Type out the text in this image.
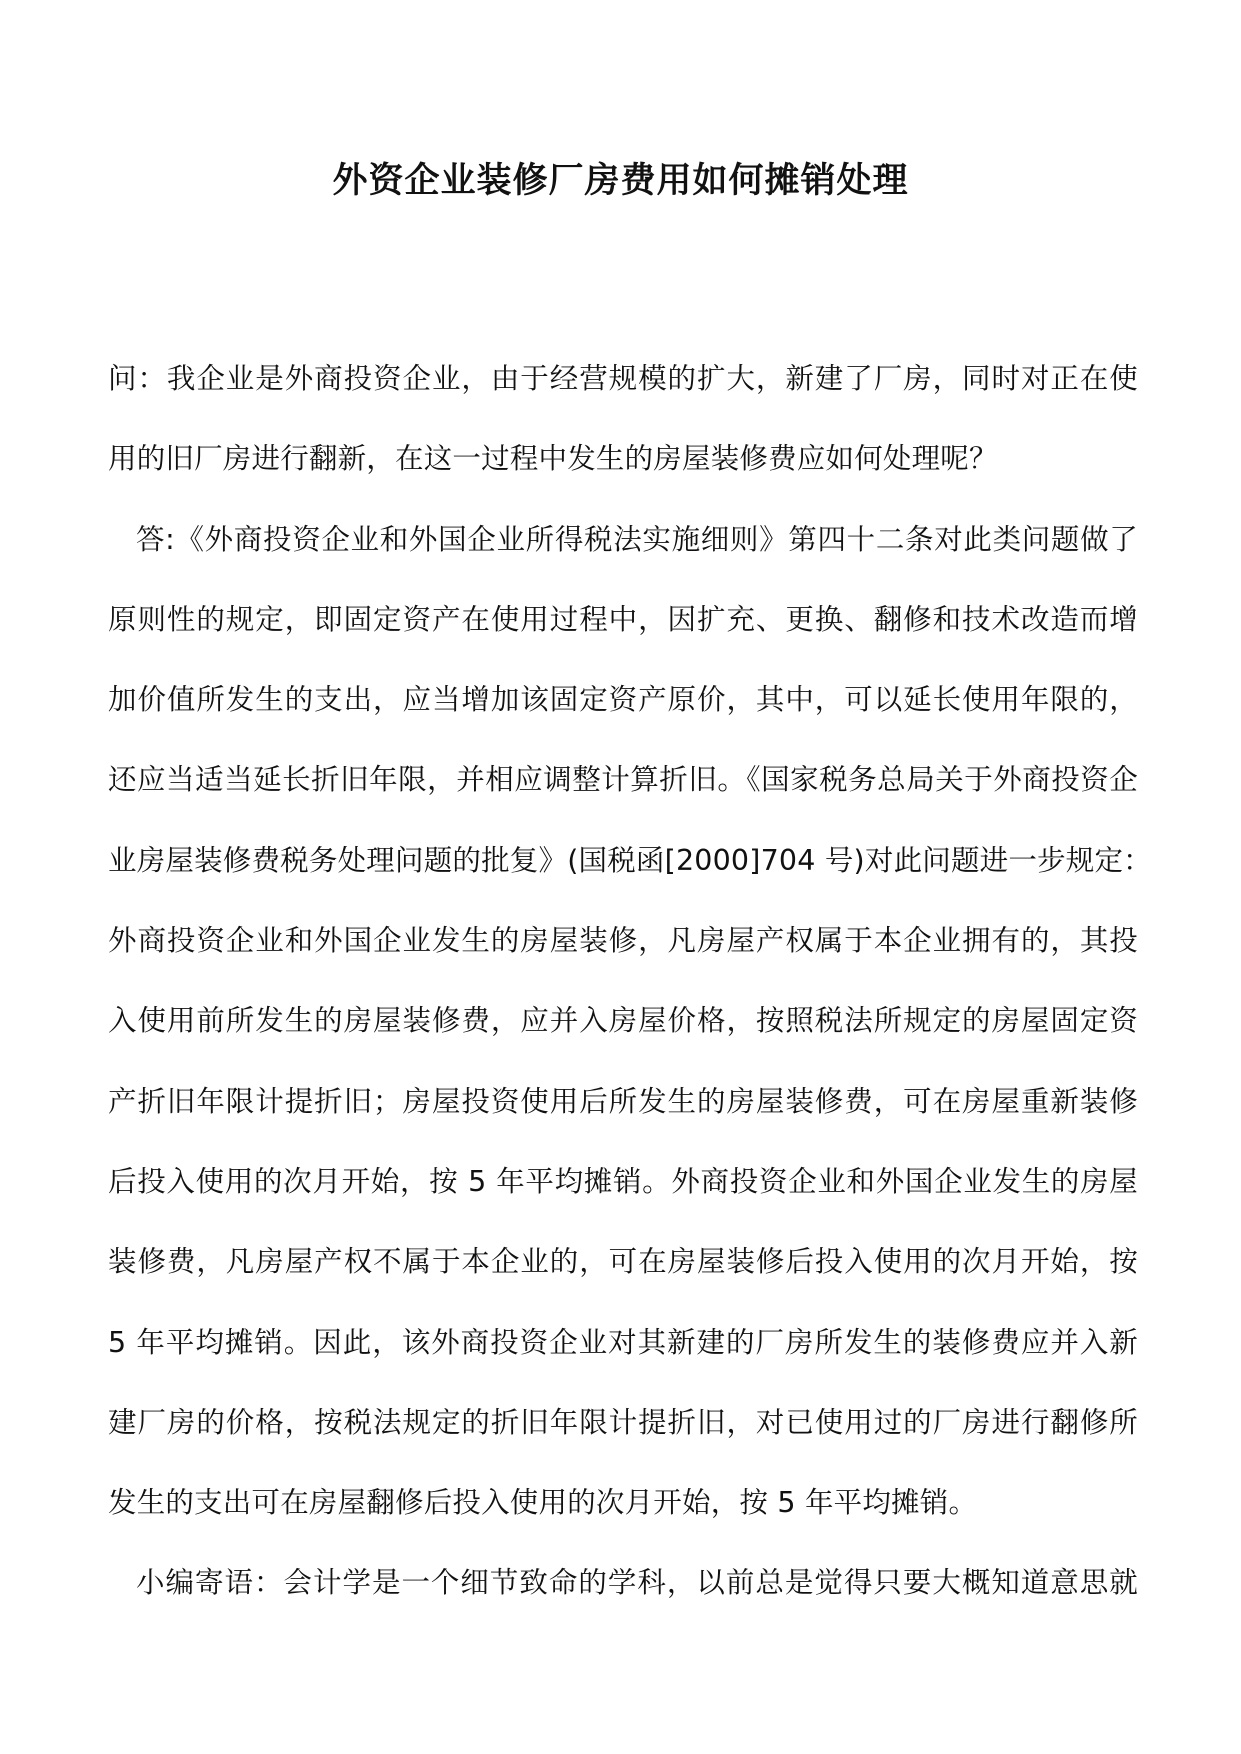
外资企业装修厂房费用如何摊销处理
问：我企业是外商投资企业，由于经营规模的扩大，新建了厂房，同时对正在使
用的旧厂房进行翻新，在这一过程中发生的房屋装修费应如何处理呢？
答:《外商投资企业和外国企业所得税法实施细则》第四十二条对此类问题做了
原则性的规定，即固定资产在使用过程中，因扩充、更换、翻修和技术改造而增
加价值所发生的支出，应当增加该固定资产原价，其中，可以延长使用年限的，
还应当适当延长折旧年限，并相应调整计算折旧。《国家税务总局关于外商投资企
业房屋装修费税务处理问题的批复》(国税函[2000]704 号)对此问题进一步规定：
外商投资企业和外国企业发生的房屋装修，凡房屋产权属于本企业拥有的，其投
入使用前所发生的房屋装修费，应并入房屋价格，按照税法所规定的房屋固定资
产折旧年限计提折旧；房屋投资使用后所发生的房屋装修费，可在房屋重新装修
后投入使用的次月开始，按 5 年平均摊销。外商投资企业和外国企业发生的房屋
装修费，凡房屋产权不属于本企业的，可在房屋装修后投入使用的次月开始，按
5 年平均摊销。因此，该外商投资企业对其新建的厂房所发生的装修费应并入新
建厂房的价格，按税法规定的折旧年限计提折旧，对已使用过的厂房进行翻修所
发生的支出可在房屋翻修后投入使用的次月开始，按 5 年平均摊销。
小编寄语：会计学是一个细节致命的学科，以前总是觉得只要大概知道意思就
